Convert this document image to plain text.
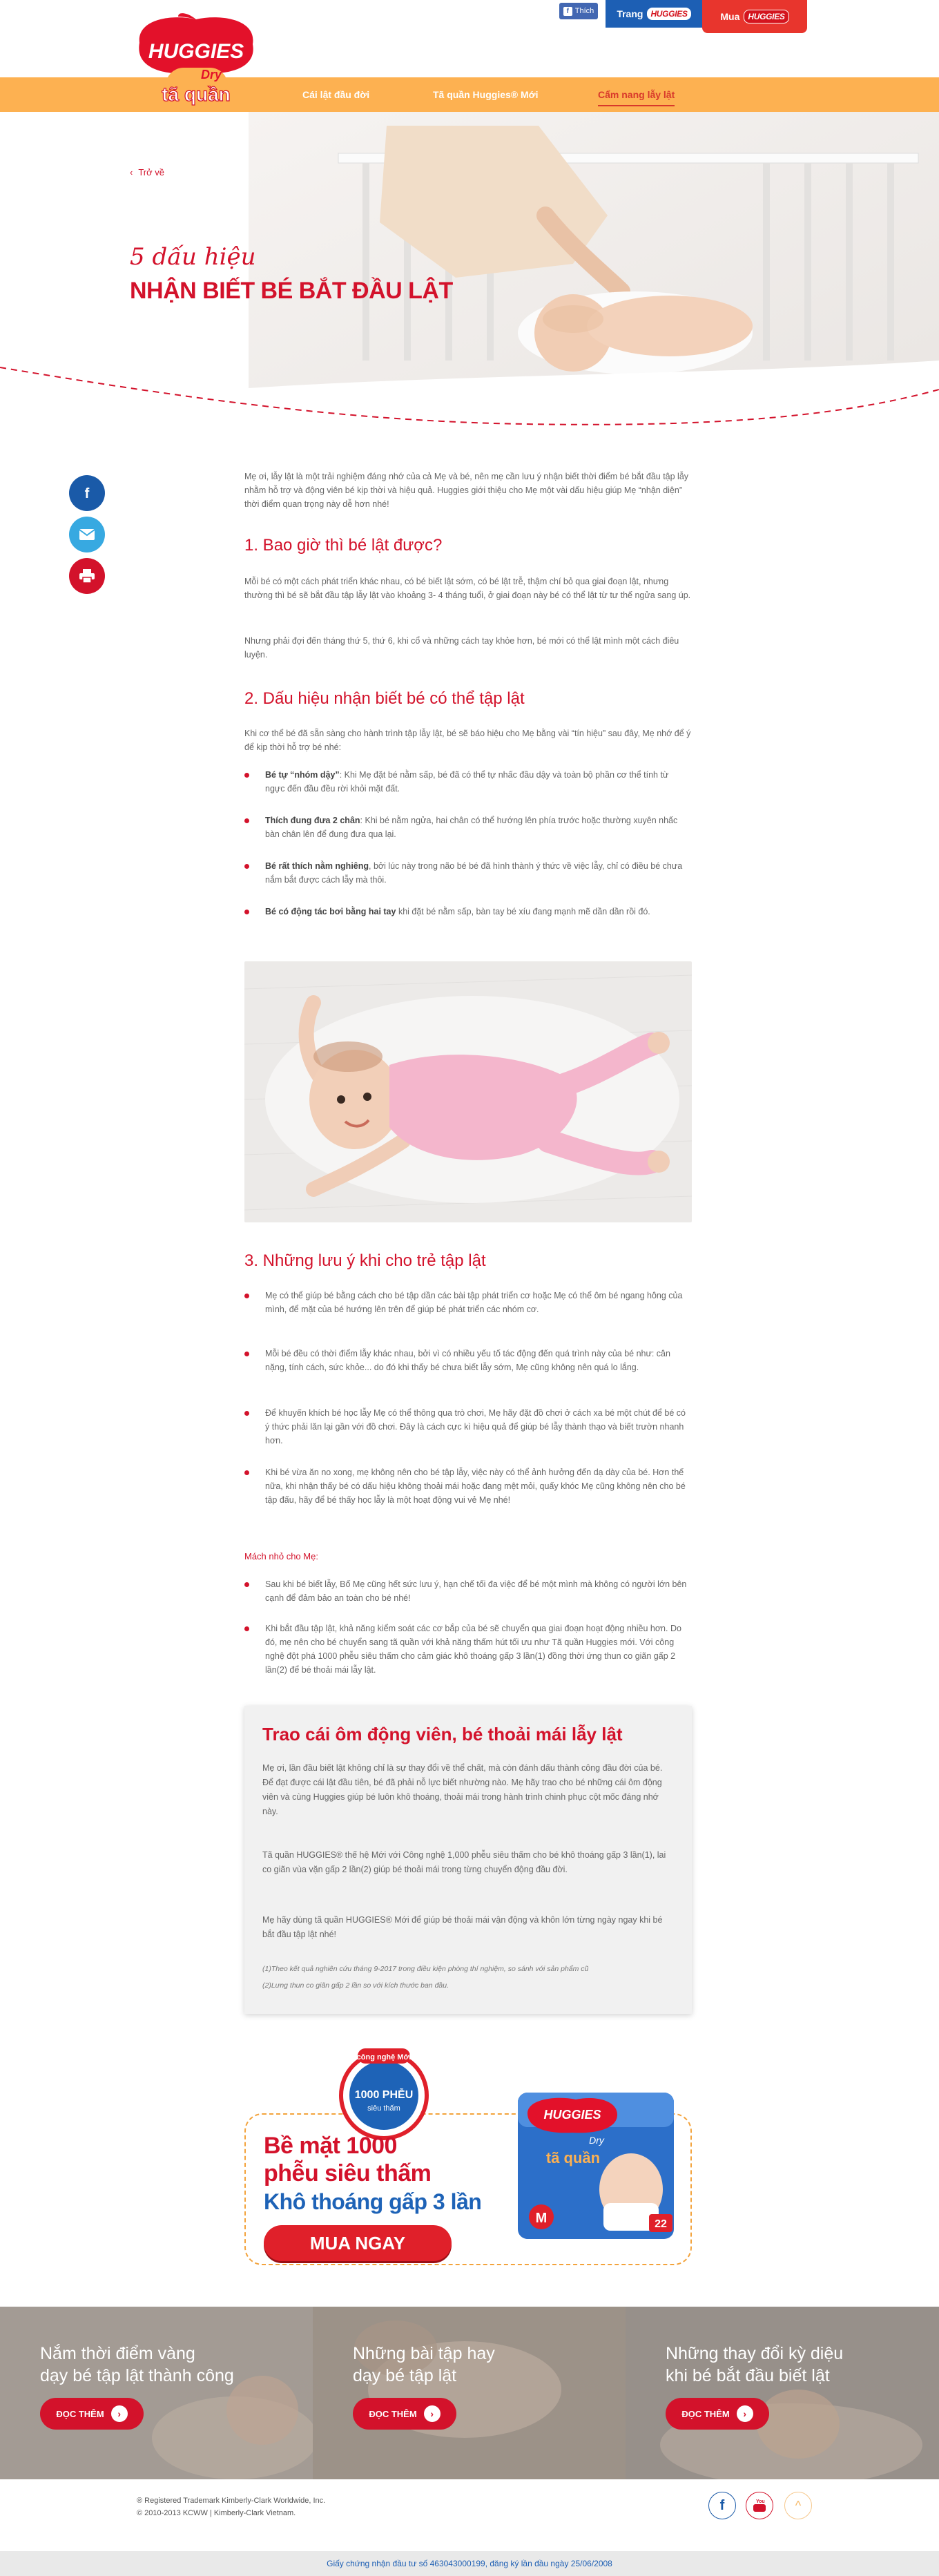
f Thích Trang HUGGIES	Mua	HUGGIES
HUGGIES
Dry
tã quần	Cái lật đầu đời	Tã quần Huggies® Mới	Cẩm nang lẫy lật
‹ Trở về
5 dấu hiệu
NHẬN BIẾT BÉ BẮT ĐẦU LẬT
f

Mẹ ơi, lẫy lật là một trải nghiệm đáng nhớ của cả Mẹ và bé, nên mẹ cần lưu ý nhận biết thời điểm bé bắt đầu tập lẫy nhằm hỗ trợ và động viên bé kịp thời và hiệu quả. Huggies giới thiệu cho Mẹ một vài dấu hiệu giúp Mẹ “nhận diện” thời điểm quan trọng này dễ hơn nhé!

1. Bao giờ thì bé lật được?

Mỗi bé có một cách phát triển khác nhau, có bé biết lật sớm, có bé lật trễ, thậm chí bỏ qua giai đoạn lật, nhưng thường thì bé sẽ bắt đầu tập lẫy lật vào khoảng 3- 4 tháng tuổi, ở giai đoạn này bé có thể lật từ tư thế ngửa sang úp.

Nhưng phải đợi đến tháng thứ 5, thứ 6, khi cổ và những cách tay khỏe hơn, bé mới có thể lật mình một cách điêu luyện.

2. Dấu hiệu nhận biết bé có thể tập lật

Khi cơ thể bé đã sẵn sàng cho hành trình tập lẫy lật, bé sẽ báo hiệu cho Mẹ bằng vài “tín hiệu” sau đây, Mẹ nhớ để ý để kịp thời hỗ trợ bé nhé:

Bé tự “nhóm dậy”: Khi Mẹ đặt bé nằm sấp, bé đã có thể tự nhấc đầu dậy và toàn bộ phần cơ thể tính từ ngực đến đầu đều rời khỏi mặt đất.
Thích đung đưa 2 chân: Khi bé nằm ngửa, hai chân có thể hướng lên phía trước hoặc thường xuyên nhấc bàn chân lên để đung đưa qua lại.
Bé rất thích nằm nghiêng, bởi lúc này trong não bé bé đã hình thành ý thức về việc lẫy, chỉ có điều bé chưa nắm bắt được cách lẫy mà thôi.
Bé có động tác bơi bằng hai tay khi đặt bé nằm sấp, bàn tay bé xíu đang mạnh mẽ dần dần rồi đó.
3. Những lưu ý khi cho trẻ tập lật
Mẹ có thể giúp bé bằng cách cho bé tập dần các bài tập phát triển cơ hoặc Mẹ có thể ôm bé ngang hông của mình, để mặt của bé hướng lên trên để giúp bé phát triển các nhóm cơ.
Mỗi bé đều có thời điểm lẫy khác nhau, bởi vì có nhiều yếu tố tác động đến quá trình này của bé như: cân nặng, tính cách, sức khỏe... do đó khi thấy bé chưa biết lẫy sớm, Mẹ cũng không nên quá lo lắng.
Để khuyến khích bé học lẫy Mẹ có thể thông qua trò chơi, Mẹ hãy đặt đồ chơi ở cách xa bé một chút để bé có ý thức phải lăn lại gần với đồ chơi. Đây là cách cực kì hiệu quả để giúp bé lẫy thành thạo và biết trườn nhanh hơn.
Khi bé vừa ăn no xong, mẹ không nên cho bé tập lẫy, việc này có thể ảnh hưởng đến dạ dày của bé. Hơn thế nữa, khi nhận thấy bé có dấu hiệu không thoải mái hoặc đang mệt mỏi, quấy khóc Mẹ cũng không nên cho bé tập đấu, hãy để bé thấy học lẫy là một hoạt động vui vẻ Mẹ nhé!
Sau khi bé biết lẫy, Bố Mẹ cũng hết sức lưu ý, hạn chế tối đa việc để bé một mình mà không có người lớn bên cạnh để đảm bảo an toàn cho bé nhé!
Khi bắt đầu tập lật, khả năng kiểm soát các cơ bắp của bé sẽ chuyển qua giai đoạn hoạt động nhiều hơn. Do đó, mẹ nên cho bé chuyển sang tã quần với khả năng thấm hút tối ưu như Tã quần Huggies mới. Với công nghệ đột phá 1000 phễu siêu thấm cho cảm giác khô thoáng gấp 3 lần(1) đồng thời ứng thun co giãn gấp 2 lần(2) để bé thoải mái lẫy lật.
Mách nhỏ cho Mẹ:
Trao cái ôm động viên, bé thoải mái lẫy lật

Mẹ ơi, lần đầu biết lật không chỉ là sự thay đổi về thể chất, mà còn đánh dấu thành công đầu đời của bé. Để đạt được cái lật đầu tiên, bé đã phải nỗ lực biết nhường nào. Mẹ hãy trao cho bé những cái ôm động viên và cùng Huggies giúp bé luôn khô thoáng, thoải mái trong hành trình chinh phục cột mốc đáng nhớ này.

Tã quần HUGGIES® thế hệ Mới với Công nghệ 1,000 phễu siêu thấm cho bé khô thoáng gấp 3 lần(1), lai co giãn vùa vặn gấp 2 lần(2) giúp bé thoải mái trong từng chuyển động đầu đời.

Mẹ hãy dùng tã quần HUGGIES® Mới để giúp bé thoải mái vận động và khôn lớn từng ngày ngay khi bé bắt đầu tập lật nhé!

(1)Theo kết quả nghiên cứu tháng 9-2017 trong điều kiện phòng thí nghiệm, so sánh với sản phẩm cũ

(2)Lưng thun co giãn gấp 2 lần so với kích thước ban đầu.

công nghệ Mới
1000 PHỄU
siêu thấm
Bề mặt 1000
phễu siêu thấm
Khô thoáng gấp 3 lần
MUA NGAY
HUGGIES
Dry
tã quần
M	22
Nắm thời điểm vàng
dạy bé tập lật thành công
ĐỌC THÊM	›
Những bài tập hay
dạy bé tập lật
ĐỌC THÊM	›
Những thay đổi kỳ diệu
khi bé bắt đầu biết lật
ĐỌC THÊM	›
® Registered Trademark Kimberly-Clark Worldwide, Inc.
© 2010-2013 KCWW | Kimberly-Clark Vietnam.
f	You	^
Giấy chứng nhận đầu tư số 463043000199, đăng ký lần đầu ngày 25/06/2008
